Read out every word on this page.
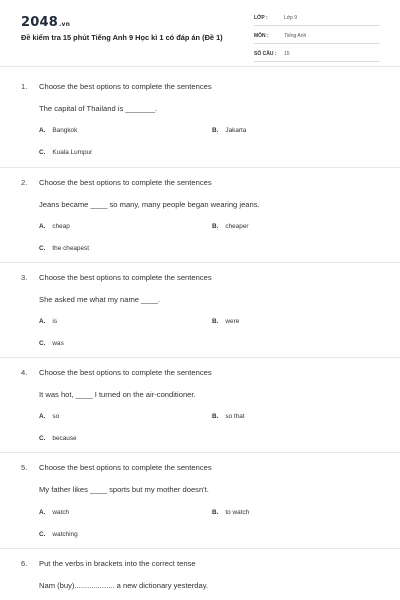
2048.vn
Đề kiểm tra 15 phút Tiếng Anh 9 Học kì 1 có đáp án (Đề 1)
LỚP :	Lớp 9
MÔN :	Tiếng Anh
SỐ CÂU : 15
1. Choose the best options to complete the sentences
The capital of Thailand is _______.
A. Bangkok	B. Jakarta
C. Kuala Lumpur
2. Choose the best options to complete the sentences
Jeans became ____ so many, many people began wearing jeans.
A. cheap	B. cheaper
C. the cheapest
3. Choose the best options to complete the sentences
She asked me what my name ____.
A. is	B. were
C. was
4. Choose the best options to complete the sentences
It was hot, ____ I turned on the air-conditioner.
A. so	B. so that
C. because
5. Choose the best options to complete the sentences
My father likes ____ sports but my mother doesn't.
A. watch	B. to watch
C. watching
6. Put the verbs in brackets into the correct tense
Nam (buy)................... a new dictionary yesterday.
